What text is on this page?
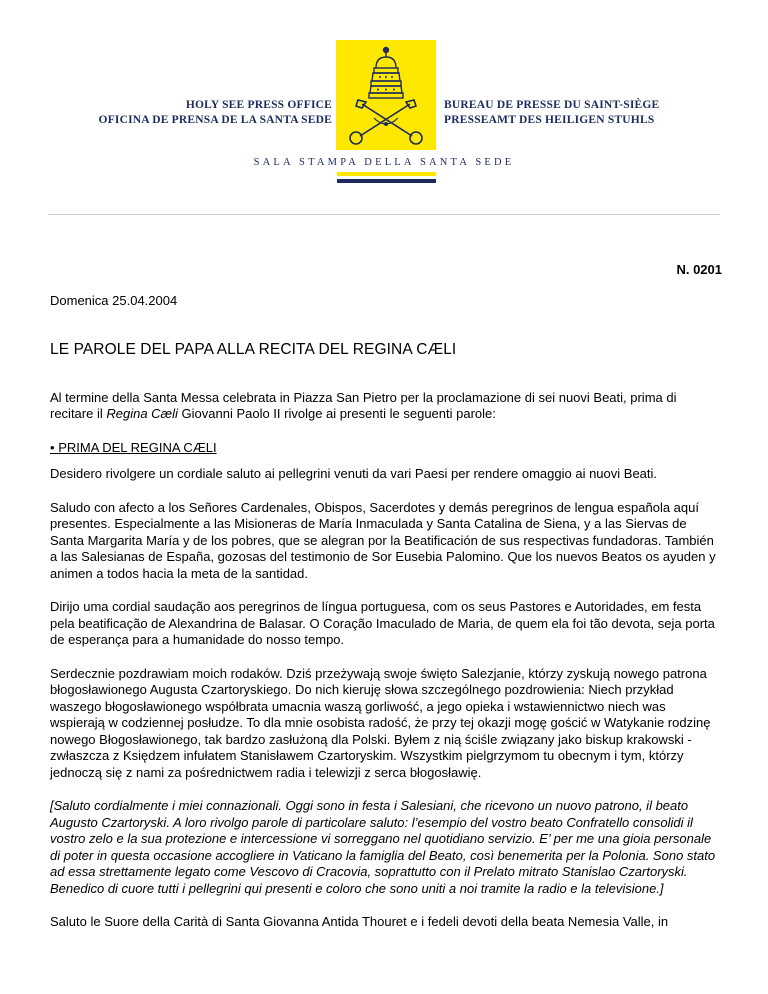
HOLY SEE PRESS OFFICE
OFICINA DE PRENSA DE LA SANTA SEDE
BUREAU DE PRESSE DU SAINT-SIÈGE
PRESSEAMT DES HEILIGEN STUHLS
SALA STAMPA DELLA SANTA SEDE

N. 0201

Domenica 25.04.2004

LE PAROLE DEL PAPA ALLA RECITA DEL REGINA CÆLI

Al termine della Santa Messa celebrata in Piazza San Pietro per la proclamazione di sei nuovi Beati, prima di recitare il Regina Cæli Giovanni Paolo II rivolge ai presenti le seguenti parole:

• PRIMA DEL REGINA CÆLI

Desidero rivolgere un cordiale saluto ai pellegrini venuti da vari Paesi per rendere omaggio ai nuovi Beati.

Saludo con afecto a los Señores Cardenales, Obispos, Sacerdotes y demás peregrinos de lengua española aquí presentes. Especialmente a las Misioneras de María Inmaculada y Santa Catalina de Siena, y a las Siervas de Santa Margarita María y de los pobres, que se alegran por la Beatificación de sus respectivas fundadoras. También a las Salesianas de España, gozosas del testimonio de Sor Eusebia Palomino. Que los nuevos Beatos os ayuden y animen a todos hacia la meta de la santidad.

Dirijo uma cordial saudação aos peregrinos de língua portuguesa, com os seus Pastores e Autoridades, em festa pela beatificação de Alexandrina de Balasar. O Coração Imaculado de Maria, de quem ela foi tão devota, seja porta de esperança para a humanidade do nosso tempo.

Serdecznie pozdrawiam moich rodaków. Dziś przeżywają swoje święto Salezjanie, którzy zyskują nowego patrona błogosławionego Augusta Czartoryskiego. Do nich kieruję słowa szczególnego pozdrowienia: Niech przykład waszego błogosławionego współbrata umacnia waszą gorliwość, a jego opieka i wstawiennictwo niech was wspierają w codziennej posłudze. To dla mnie osobista radość, że przy tej okazji mogę gościć w Watykanie rodzinę nowego Błogosławionego, tak bardzo zasłużoną dla Polski. Byłem z nią ściśle związany jako biskup krakowski - zwłaszcza z Księdzem infułatem Stanisławem Czartoryskim. Wszystkim pielgrzymom tu obecnym i tym, którzy jednoczą się z nami za pośrednictwem radia i telewizji z serca błogosławię.

[Saluto cordialmente i miei connazionali. Oggi sono in festa i Salesiani, che ricevono un nuovo patrono, il beato Augusto Czartoryski. A loro rivolgo parole di particolare saluto: l’esempio del vostro beato Confratello consolidi il vostro zelo e la sua protezione e intercessione vi sorreggano nel quotidiano servizio. E’ per me una gioia personale di poter in questa occasione accogliere in Vaticano la famiglia del Beato, così benemerita per la Polonia. Sono stato ad essa strettamente legato come Vescovo di Cracovia, soprattutto con il Prelato mitrato Stanislao Czartoryski. Benedico di cuore tutti i pellegrini qui presenti e coloro che sono uniti a noi tramite la radio e la televisione.]

Saluto le Suore della Carità di Santa Giovanna Antida Thouret e i fedeli devoti della beata Nemesia Valle, in
